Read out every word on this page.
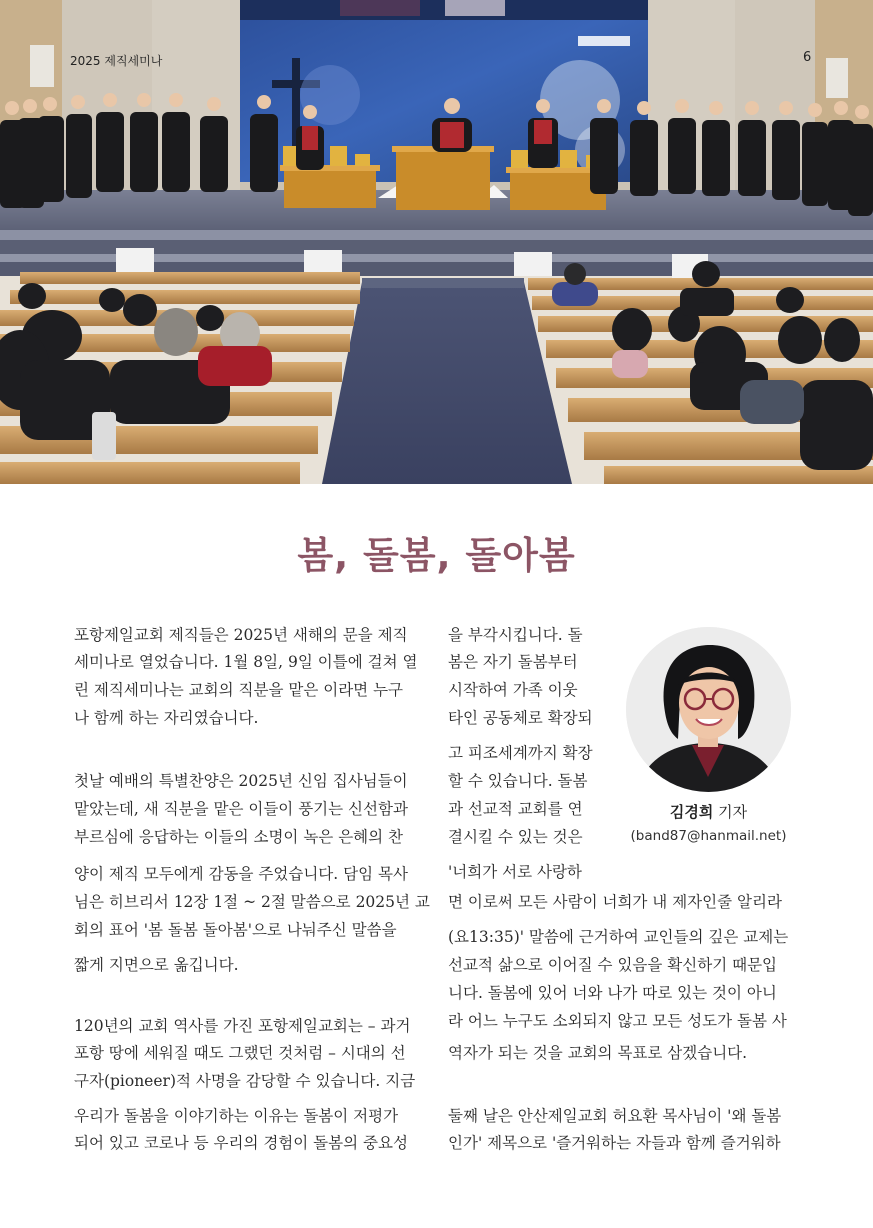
2025 제직세미나	6
봄, 돌봄, 돌아봄
포항제일교회 제직들은 2025년 새해의 문을 제직
세미나로 열었습니다. 1월 8일, 9일 이틀에 걸쳐 열
린 제직세미나는 교회의 직분을 맡은 이라면 누구
나 함께 하는 자리였습니다.
첫날 예배의 특별찬양은 2025년 신임 집사님들이
맡았는데, 새 직분을 맡은 이들이 풍기는 신선함과
부르심에 응답하는 이들의 소명이 녹은 은혜의 찬
양이 제직 모두에게 감동을 주었습니다. 담임 목사
님은 히브리서 12장 1절 ~ 2절 말씀으로 2025년 교
회의 표어 '봄 돌봄 돌아봄'으로 나눠주신 말씀을
짧게 지면으로 옮깁니다.
120년의 교회 역사를 가진 포항제일교회는 – 과거
포항 땅에 세워질 때도 그랬던 것처럼 – 시대의 선
구자(pioneer)적 사명을 감당할 수 있습니다. 지금
우리가 돌봄을 이야기하는 이유는 돌봄이 저평가
되어 있고 코로나 등 우리의 경험이 돌봄의 중요성
을 부각시킵니다. 돌
봄은 자기 돌봄부터
시작하여 가족 이웃
타인 공동체로 확장되
고 피조세계까지 확장
할 수 있습니다. 돌봄
과 선교적 교회를 연
결시킬 수 있는 것은
'너희가 서로 사랑하
면 이로써 모든 사람이 너희가 내 제자인줄 알리라
(요13:35)' 말씀에 근거하여 교인들의 깊은 교제는
선교적 삶으로 이어질 수 있음을 확신하기 때문입
니다. 돌봄에 있어 너와 나가 따로 있는 것이 아니
라 어느 누구도 소외되지 않고 모든 성도가 돌봄 사
역자가 되는 것을 교회의 목표로 삼겠습니다.
둘째 날은 안산제일교회 허요환 목사님이 '왜 돌봄
인가' 제목으로 '즐거워하는 자들과 함께 즐거워하
김경희 기자
(band87@hanmail.net)
